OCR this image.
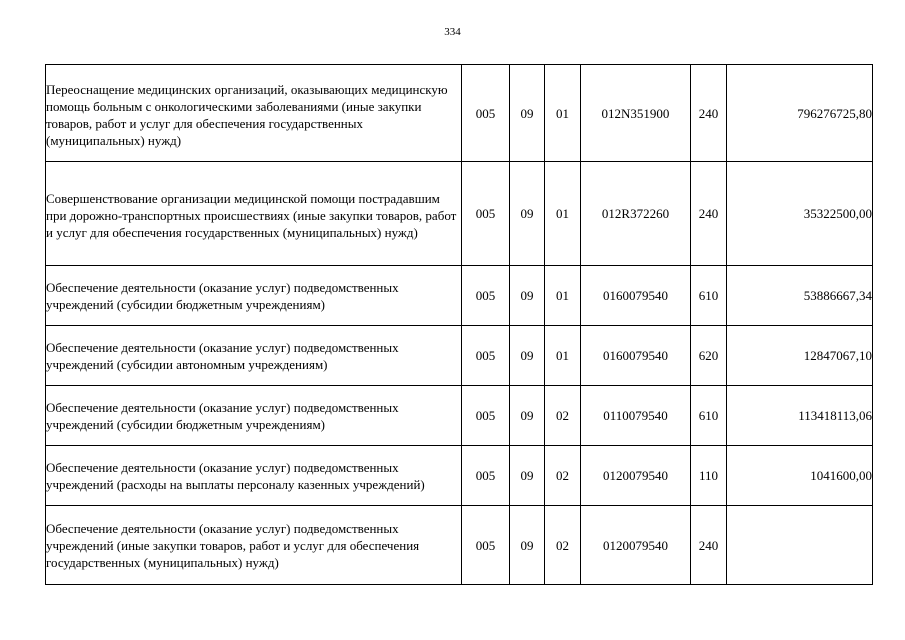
334
Переоснащение медицинских организаций, оказывающих медицинскую помощь больным с онкологическими заболеваниями (иные закупки товаров, работ и услуг для обеспечения государственных (муниципальных) нужд)	005	09	01	012N351900	240	796276725,80
Совершенствование организации медицинской помощи пострадавшим при дорожно-транспортных происшествиях (иные закупки товаров, работ и услуг для обеспечения государственных (муниципальных) нужд)	005	09	01	012R372260	240	35322500,00
Обеспечение деятельности (оказание услуг) подведомственных учреждений (субсидии бюджетным учреждениям)	005	09	01	0160079540	610	53886667,34
Обеспечение деятельности (оказание услуг) подведомственных учреждений (субсидии автономным учреждениям)	005	09	01	0160079540	620	12847067,10
Обеспечение деятельности (оказание услуг) подведомственных учреждений (субсидии бюджетным учреждениям)	005	09	02	0110079540	610	113418113,06
Обеспечение деятельности (оказание услуг) подведомственных учреждений (расходы на выплаты персоналу казенных учреждений)	005	09	02	0120079540	110	1041600,00
Обеспечение деятельности (оказание услуг) подведомственных учреждений (иные закупки товаров, работ и услуг для обеспечения государственных (муниципальных) нужд)	005	09	02	0120079540	240	
